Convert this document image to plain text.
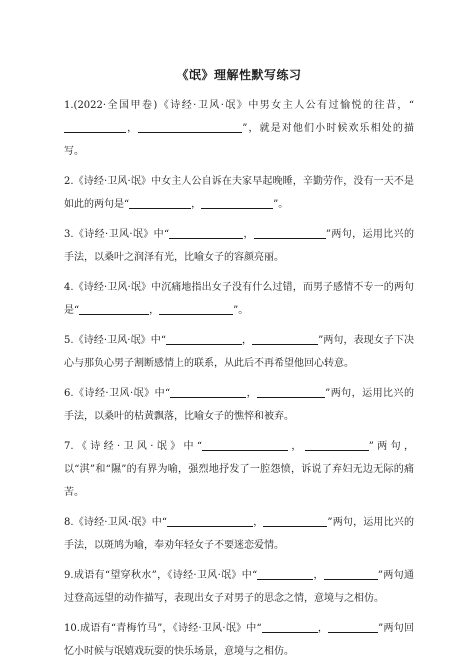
《氓》理解性默写练习
1.(2022·全国甲卷)《诗经·卫风·氓》中男女主人公有过愉悦的往昔，“，	”，就是对他们小时候欢乐相处的描写。
2.《诗经·卫风·氓》中女主人公自诉在夫家早起晚睡，辛勤劳作，没有一天不是如此的两句是“	，	”。
3.《诗经·卫风·氓》中“	，	”两句，运用比兴的手法，以桑叶之润泽有光，比喻女子的容颜亮丽。
4.《诗经·卫风·氓》中沉痛地指出女子没有什么过错，而男子感情不专一的两句是“	，	”。
5.《诗经·卫风·氓》中“	，	”两句，表现女子下决心与那负心男子割断感情上的联系，从此后不再希望他回心转意。
6.《诗经·卫风·氓》中“	，	”两句，运用比兴的手法，以桑叶的枯黄飘落，比喻女子的憔悴和被弃。
7.《诗经·卫风·氓》中“	，	”两句，以“淇”和“隰”的有界为喻，强烈地抒发了一腔怨愤，诉说了弃妇无边无际的痛苦。
8.《诗经·卫风·氓》中“	，	”两句，运用比兴的手法，以斑鸠为喻，奉劝年轻女子不要迷恋爱情。
9.成语有“望穿秋水”，《诗经·卫风·氓》中“	，	”两句通过登高远望的动作描写，表现出女子对男子的思念之情，意境与之相仿。
10.成语有“青梅竹马”，《诗经·卫风·氓》中“	，	”两句回忆小时候与氓嬉戏玩耍的快乐场景，意境与之相仿。
